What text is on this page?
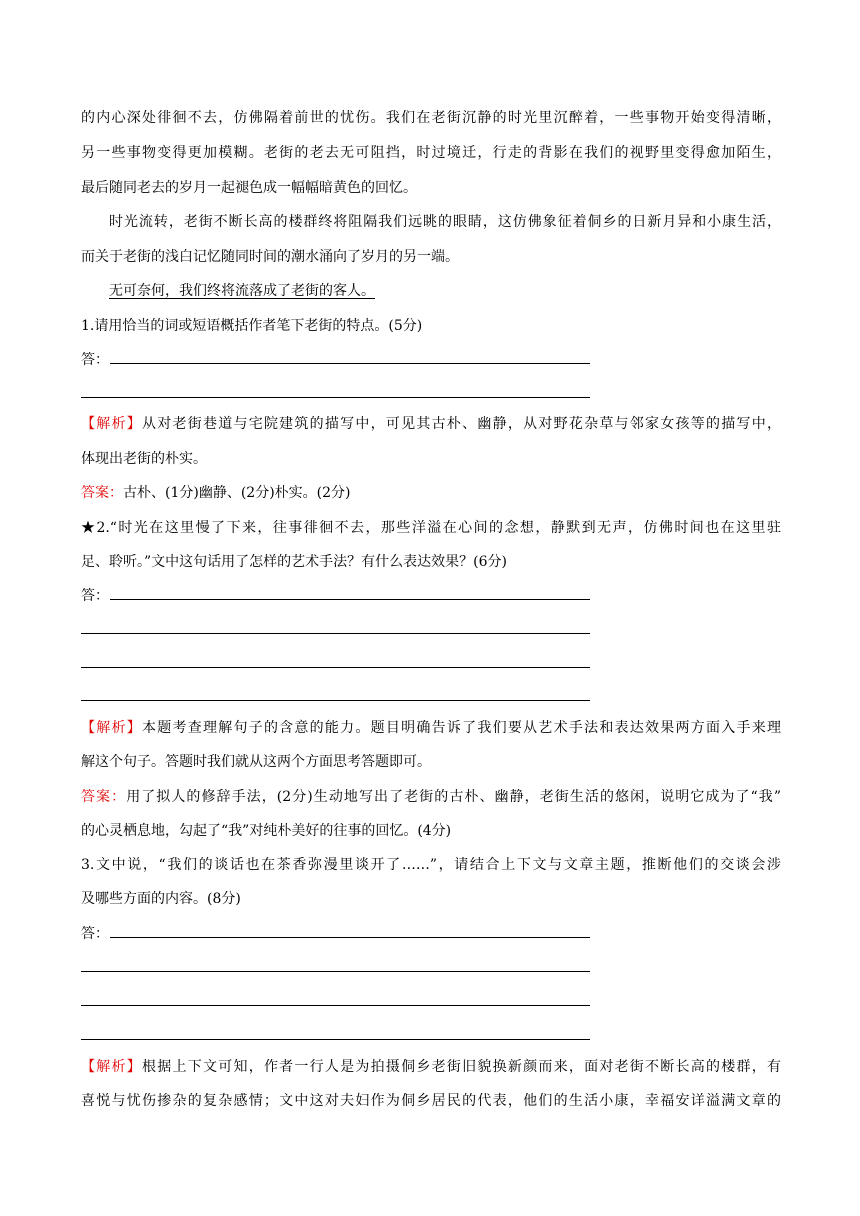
的内心深处徘徊不去，仿佛隔着前世的忧伤。我们在老街沉静的时光里沉醉着，一些事物开始变得清晰，
另一些事物变得更加模糊。老街的老去无可阻挡，时过境迁，行走的背影在我们的视野里变得愈加陌生，
最后随同老去的岁月一起褪色成一幅幅暗黄色的回忆。
时光流转，老街不断长高的楼群终将阻隔我们远眺的眼睛，这仿佛象征着侗乡的日新月异和小康生活，
而关于老街的浅白记忆随同时间的潮水涌向了岁月的另一端。
无可奈何，我们终将流落成了老街的客人。
1.请用恰当的词或短语概括作者笔下老街的特点。(5分)
答：
【解析】从对老街巷道与宅院建筑的描写中，可见其古朴、幽静，从对野花杂草与邻家女孩等的描写中，
体现出老街的朴实。
答案：古朴、(1分)幽静、(2分)朴实。(2分)
★2.“时光在这里慢了下来，往事徘徊不去，那些洋溢在心间的念想，静默到无声，仿佛时间也在这里驻
足、聆听。”文中这句话用了怎样的艺术手法？有什么表达效果？(6分)
答：
【解析】本题考查理解句子的含意的能力。题目明确告诉了我们要从艺术手法和表达效果两方面入手来理
解这个句子。答题时我们就从这两个方面思考答题即可。
答案：用了拟人的修辞手法，(2分)生动地写出了老街的古朴、幽静，老街生活的悠闲，说明它成为了“我”
的心灵栖息地，勾起了“我”对纯朴美好的往事的回忆。(4分)
3.文中说，“我们的谈话也在茶香弥漫里谈开了……”，请结合上下文与文章主题，推断他们的交谈会涉
及哪些方面的内容。(8分)
答：
【解析】根据上下文可知，作者一行人是为拍摄侗乡老街旧貌换新颜而来，面对老街不断长高的楼群，有
喜悦与忧伤掺杂的复杂感情；文中这对夫妇作为侗乡居民的代表，他们的生活小康，幸福安详溢满文章的
